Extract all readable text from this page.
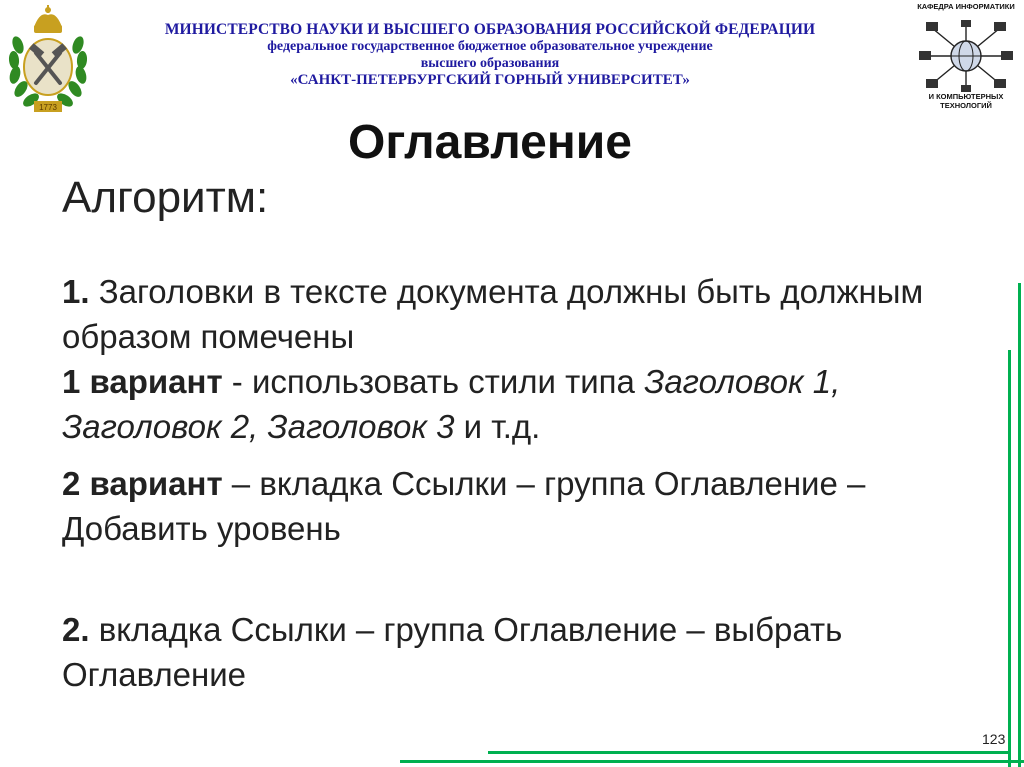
1773
МИНИСТЕРСТВО НАУКИ И ВЫСШЕГО ОБРАЗОВАНИЯ РОССИЙСКОЙ ФЕДЕРАЦИИ
федеральное государственное бюджетное образовательное учреждение
высшего образования
«САНКТ-ПЕТЕРБУРГСКИЙ ГОРНЫЙ УНИВЕРСИТЕТ»
КАФЕДРА ИНФОРМАТИКИ
И КОМПЬЮТЕРНЫХ ТЕХНОЛОГИЙ
Оглавление
Алгоритм:

1. Заголовки в тексте документа должны быть должным образом помечены

1 вариант - использовать стили типа Заголовок 1, Заголовок 2, Заголовок 3 и т.д.

2 вариант – вкладка Ссылки – группа Оглавление – Добавить уровень

2. вкладка Ссылки – группа Оглавление – выбрать Оглавление

123
